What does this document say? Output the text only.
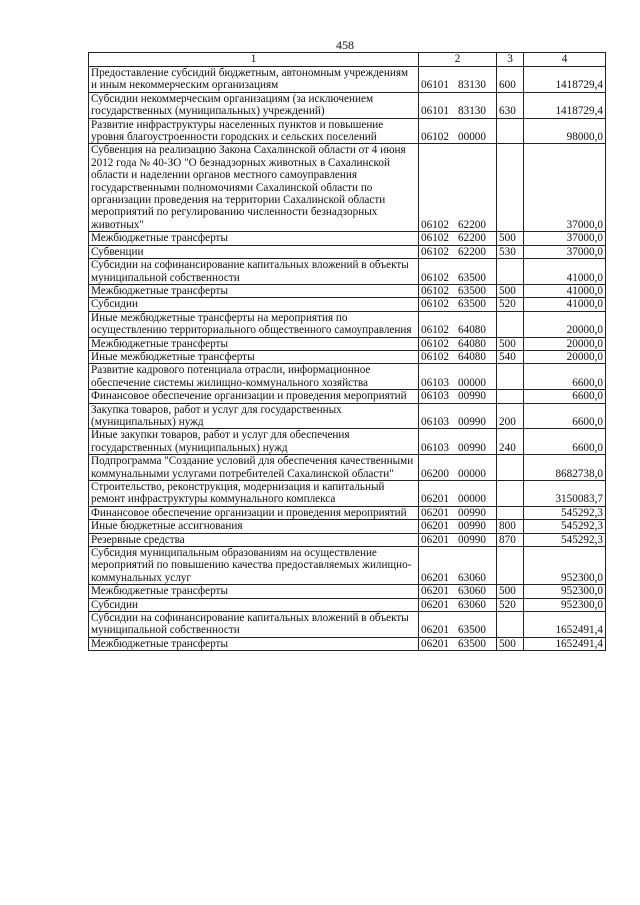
458
1	2	3	4
Предоставление субсидий бюджетным, автономным учреждениям и иным некоммерческим организациям	06101 83130	600	1418729,4
Субсидии некоммерческим организациям (за исключением государственных (муниципальных) учреждений)	06101 83130	630	1418729,4
Развитие инфраструктуры населенных пунктов и повышение уровня благоустроенности городских и сельских поселений	06102 00000		98000,0
Субвенция на реализацию Закона Сахалинской области от 4 июня 2012 года № 40-ЗО "О безнадзорных животных в Сахалинской области и наделении органов местного самоуправления государственными полномочиями Сахалинской области по организации проведения на территории Сахалинской области мероприятий по регулированию численности безнадзорных животных"	06102 62200		37000,0
Межбюджетные трансферты	06102 62200	500	37000,0
Субвенции	06102 62200	530	37000,0
Субсидии на софинансирование капитальных вложений в объекты муниципальной собственности	06102 63500		41000,0
Межбюджетные трансферты	06102 63500	500	41000,0
Субсидии	06102 63500	520	41000,0
Иные межбюджетные трансферты на мероприятия по осуществлению территориального общественного самоуправления	06102 64080		20000,0
Межбюджетные трансферты	06102 64080	500	20000,0
Иные межбюджетные трансферты	06102 64080	540	20000,0
Развитие кадрового потенциала отрасли, информационное обеспечение системы жилищно-коммунального хозяйства	06103 00000		6600,0
Финансовое обеспечение организации и проведения мероприятий	06103 00990		6600,0
Закупка товаров, работ и услуг для государственных (муниципальных) нужд	06103 00990	200	6600,0
Иные закупки товаров, работ и услуг для обеспечения государственных (муниципальных) нужд	06103 00990	240	6600,0
Подпрограмма "Создание условий для обеспечения качественными коммунальными услугами потребителей Сахалинской области"	06200 00000		8682738,0
Строительство, реконструкция, модернизация и капитальный ремонт инфраструктуры коммунального комплекса	06201 00000		3150083,7
Финансовое обеспечение организации и проведения мероприятий	06201 00990		545292,3
Иные бюджетные ассигнования	06201 00990	800	545292,3
Резервные средства	06201 00990	870	545292,3
Субсидия муниципальным образованиям на осуществление мероприятий по повышению качества предоставляемых жилищно-коммунальных услуг	06201 63060		952300,0
Межбюджетные трансферты	06201 63060	500	952300,0
Субсидии	06201 63060	520	952300,0
Субсидии на софинансирование капитальных вложений в объекты муниципальной собственности	06201 63500		1652491,4
Межбюджетные трансферты	06201 63500	500	1652491,4
